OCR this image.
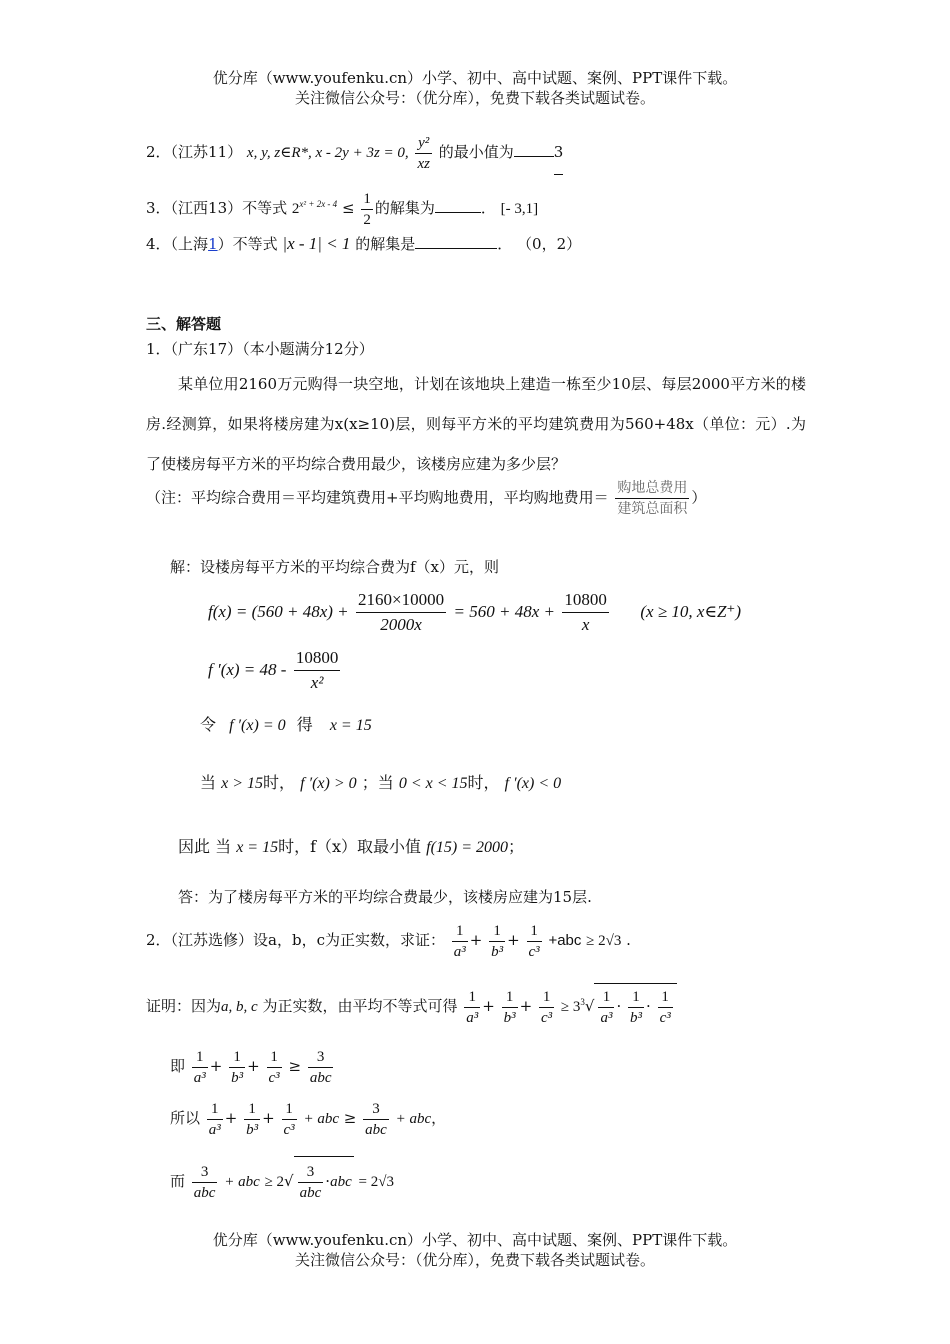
优分库（www.youfenku.cn）小学、初中、高中试题、案例、PPT课件下载。
关注微信公众号：（优分库），免费下载各类试题试卷。
2．（江苏11） x, y, z∈R*, x - 2y + 3z = 0, $\frac{\text{y²}}{xz}$ 的最小值为	3
3．（江西13）不等式 $2^{x^2 + 2x - 4} \le \frac{1}{2}$ 的解集为	． [- 3,1]
4．（上海1）不等式 |x - 1| < 1 的解集是	． （0，2）
三、解答题
1．（广东17）（本小题满分12分）
某单位用2160万元购得一块空地，计划在该地块上建造一栋至少10层、每层2000平方米的楼房.经测算，如果将楼房建为x(x≥10)层，则每平方米的平均建筑费用为560+48x（单位：元）.为了使楼房每平方米的平均综合费用最少，该楼房应建为多少层？
（注：平均综合费用＝平均建筑费用+平均购地费用，平均购地费用＝ $\frac{\text{购地总费用}}{\text{建筑总面积}}$ ）
解：设楼房每平方米的平均综合费为f（x）元，则
$f(x) = (560 + 48x) + \frac{2160\times 10000}{2000x} = 560 + 48x + \frac{10800}{x} (x \ge 10$, x∈Z⁺)
f $'(x) = 48 - \frac{10800}{\text{x²}}$
令 f ′(x) = 0 得 x = 15
当 x > 15时， f ′(x) > 0 ；当 0 < x < 15时， f ′(x) < 0
因此 当 x = 15时，f（x）取最小值 f(15) = 2000；
答：为了楼房每平方米的平均综合费最少，该楼房应建为15层.
2．（江苏选修）设a，b，c为正实数，求证： $\frac{1}{\text{a³}} + \frac{1}{\text{b³}} + \frac{1}{\text{c³}} +abc \ge 2√3$ .
证明：因为a, b, c 为正实数，由平均不等式可得 $\frac{1}{\text{a³}} + \frac{1}{\text{b³}} + \frac{1}{\text{c³}} \ge 3^3√ \frac{1}{\text{a³}} \cdot \frac{1}{\text{b³}} \cdot \frac{1}{\text{c³}}$
即 $\frac{1}{\text{a³}} + \frac{1}{\text{b³}} + \frac{1}{\text{c³}} \ge \frac{3}{\text{abc}}$
所以 $\frac{1}{\text{a³}} + \frac{1}{\text{b³}} + \frac{1}{\text{c³}}$ + abc ≥ $\frac{3}{\text{abc}}$ + abc，
而 $\frac{3}{\text{abc}}$ + abc ≥ $2√ \frac{3}{\text{abc}} \cdot abc = 2√3$
优分库（www.youfenku.cn）小学、初中、高中试题、案例、PPT课件下载。
关注微信公众号：（优分库），免费下载各类试题试卷。
